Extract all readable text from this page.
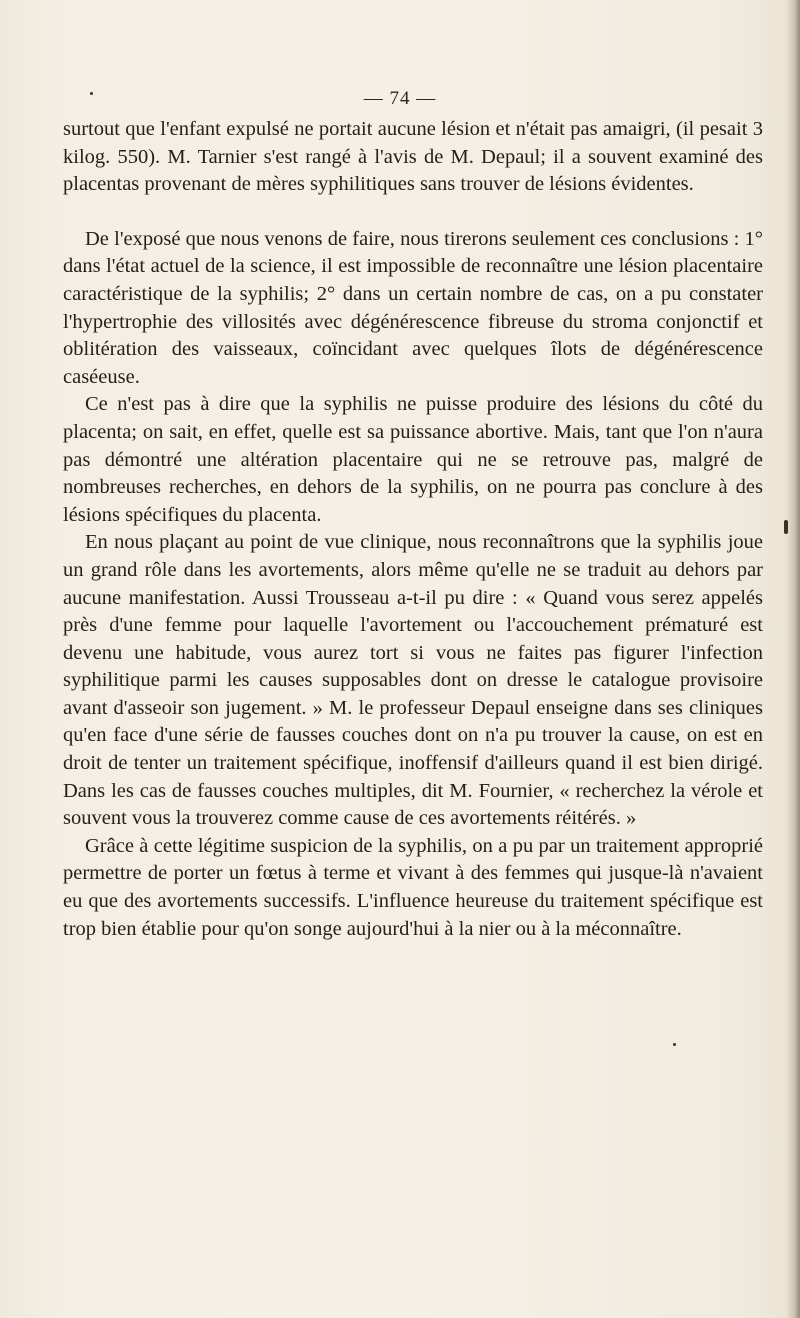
— 74 —

surtout que l'enfant expulsé ne portait aucune lésion et n'était pas amaigri, (il pesait 3 kilog. 550). M. Tarnier s'est rangé à l'avis de M. Depaul; il a souvent examiné des placentas provenant de mères syphilitiques sans trouver de lésions évidentes.

De l'exposé que nous venons de faire, nous tirerons seulement ces conclusions : 1° dans l'état actuel de la science, il est impossible de reconnaître une lésion placentaire caractéristique de la syphilis; 2° dans un certain nombre de cas, on a pu constater l'hypertrophie des villosités avec dégénérescence fibreuse du stroma conjonctif et oblitération des vaisseaux, coïncidant avec quelques îlots de dégénérescence caséeuse.

Ce n'est pas à dire que la syphilis ne puisse produire des lésions du côté du placenta; on sait, en effet, quelle est sa puissance abortive. Mais, tant que l'on n'aura pas démontré une altération placentaire qui ne se retrouve pas, malgré de nombreuses recherches, en dehors de la syphilis, on ne pourra pas conclure à des lésions spécifiques du placenta.

En nous plaçant au point de vue clinique, nous reconnaîtrons que la syphilis joue un grand rôle dans les avortements, alors même qu'elle ne se traduit au dehors par aucune manifestation. Aussi Trousseau a-t-il pu dire : « Quand vous serez appelés près d'une femme pour laquelle l'avortement ou l'accouchement prématuré est devenu une habitude, vous aurez tort si vous ne faites pas figurer l'infection syphilitique parmi les causes supposables dont on dresse le catalogue provisoire avant d'asseoir son jugement. » M. le professeur Depaul enseigne dans ses cliniques qu'en face d'une série de fausses couches dont on n'a pu trouver la cause, on est en droit de tenter un traitement spécifique, inoffensif d'ailleurs quand il est bien dirigé. Dans les cas de fausses couches multiples, dit M. Fournier, « recherchez la vérole et souvent vous la trouverez comme cause de ces avortements réitérés. »

Grâce à cette légitime suspicion de la syphilis, on a pu par un traitement approprié permettre de porter un fœtus à terme et vivant à des femmes qui jusque-là n'avaient eu que des avortements successifs. L'influence heureuse du traitement spécifique est trop bien établie pour qu'on songe aujourd'hui à la nier ou à la méconnaître.
